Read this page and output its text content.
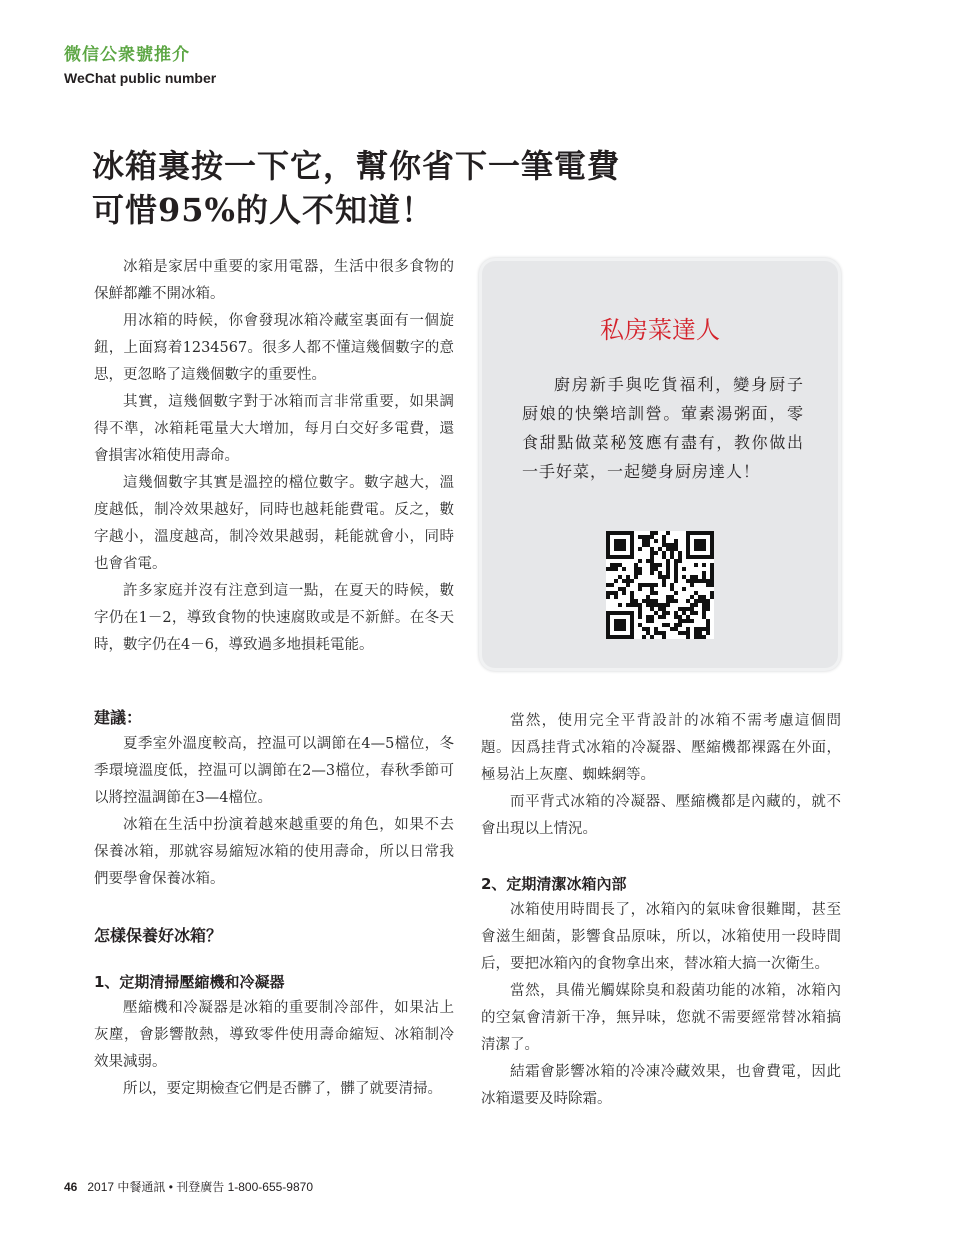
微信公衆號推介
WeChat public number
冰箱裏按一下它，幫你省下一筆電費
可惜95%的人不知道！

冰箱是家居中重要的家用電器，生活中很多食物的保鮮都離不開冰箱。

用冰箱的時候，你會發現冰箱冷藏室裏面有一個旋鈕，上面寫着1234567。很多人都不懂這幾個數字的意思，更忽略了這幾個數字的重要性。

其實，這幾個數字對于冰箱而言非常重要，如果調得不準，冰箱耗電量大大增加，每月白交好多電費，還會損害冰箱使用壽命。

這幾個數字其實是溫控的檔位數字。數字越大，溫度越低，制冷效果越好，同時也越耗能費電。反之，數字越小，溫度越高，制冷效果越弱，耗能就會小，同時也會省電。

許多家庭并沒有注意到這一點，在夏天的時候，數字仍在1－2，導致食物的快速腐敗或是不新鮮。在冬天時，數字仍在4－6，導致過多地損耗電能。

私房菜達人

廚房新手與吃貨福利，變身厨子厨娘的快樂培訓營。葷素湯粥面，零食甜點做菜秘笈應有盡有，教你做出一手好菜，一起變身厨房達人！

建議：

夏季室外溫度較高，控温可以調節在4—5檔位，冬季環境溫度低，控温可以調節在2—3檔位，春秋季節可以將控温調節在3—4檔位。

冰箱在生活中扮演着越來越重要的角色，如果不去保養冰箱，那就容易縮短冰箱的使用壽命，所以日常我們要學會保養冰箱。

怎樣保養好冰箱？
1、定期清掃壓縮機和冷凝器

壓縮機和冷凝器是冰箱的重要制冷部件，如果沾上灰塵，會影響散熱，導致零件使用壽命縮短、冰箱制冷效果減弱。

所以，要定期檢查它們是否髒了，髒了就要清掃。

當然，使用完全平背設計的冰箱不需考慮這個問題。因爲挂背式冰箱的冷凝器、壓縮機都裸露在外面，極易沾上灰塵、蜘蛛網等。

而平背式冰箱的冷凝器、壓縮機都是內藏的，就不會出現以上情況。

2、定期清潔冰箱內部

冰箱使用時間長了，冰箱內的氣味會很難聞，甚至會滋生細菌，影響食品原味，所以，冰箱使用一段時間后，要把冰箱內的食物拿出來，替冰箱大搞一次衛生。

當然，具備光觸媒除臭和殺菌功能的冰箱，冰箱內的空氣會清新干净，無异味，您就不需要經常替冰箱搞清潔了。

結霜會影響冰箱的冷凍冷藏效果，也會費電，因此冰箱還要及時除霜。

46 2017 中餐通訊 • 刊登廣告 1-800-655-9870
